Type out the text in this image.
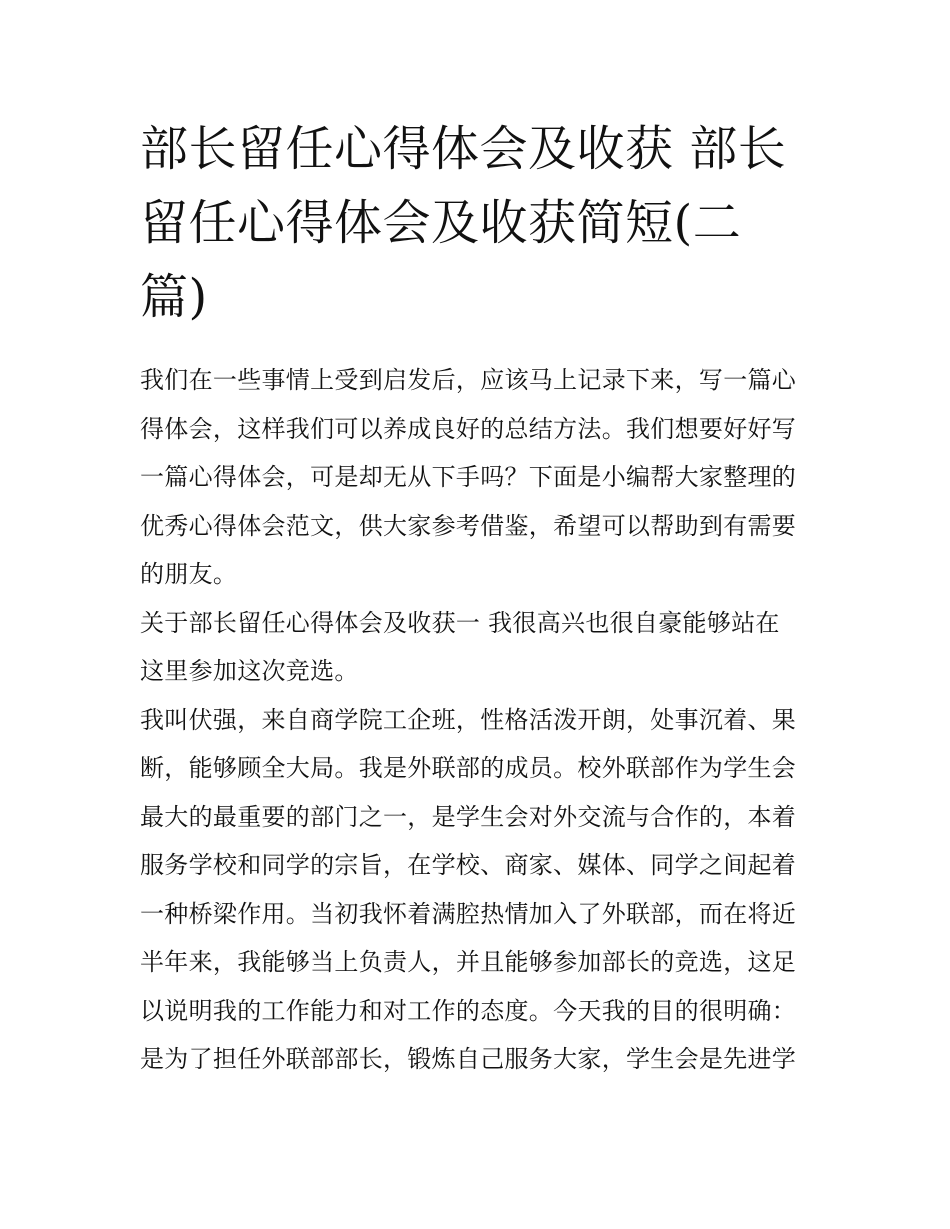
部长留任心得体会及收获 部长
留任心得体会及收获简短(二
篇)
我们在一些事情上受到启发后，应该马上记录下来，写一篇心
得体会，这样我们可以养成良好的总结方法。我们想要好好写
一篇心得体会，可是却无从下手吗？下面是小编帮大家整理的
优秀心得体会范文，供大家参考借鉴，希望可以帮助到有需要
的朋友。
关于部长留任心得体会及收获一 我很高兴也很自豪能够站在
这里参加这次竞选。
我叫伏强，来自商学院工企班，性格活泼开朗，处事沉着、果
断，能够顾全大局。我是外联部的成员。校外联部作为学生会
最大的最重要的部门之一，是学生会对外交流与合作的，本着
服务学校和同学的宗旨，在学校、商家、媒体、同学之间起着
一种桥梁作用。当初我怀着满腔热情加入了外联部，而在将近
半年来，我能够当上负责人，并且能够参加部长的竞选，这足
以说明我的工作能力和对工作的态度。今天我的目的很明确：
是为了担任外联部部长，锻炼自己服务大家，学生会是先进学
